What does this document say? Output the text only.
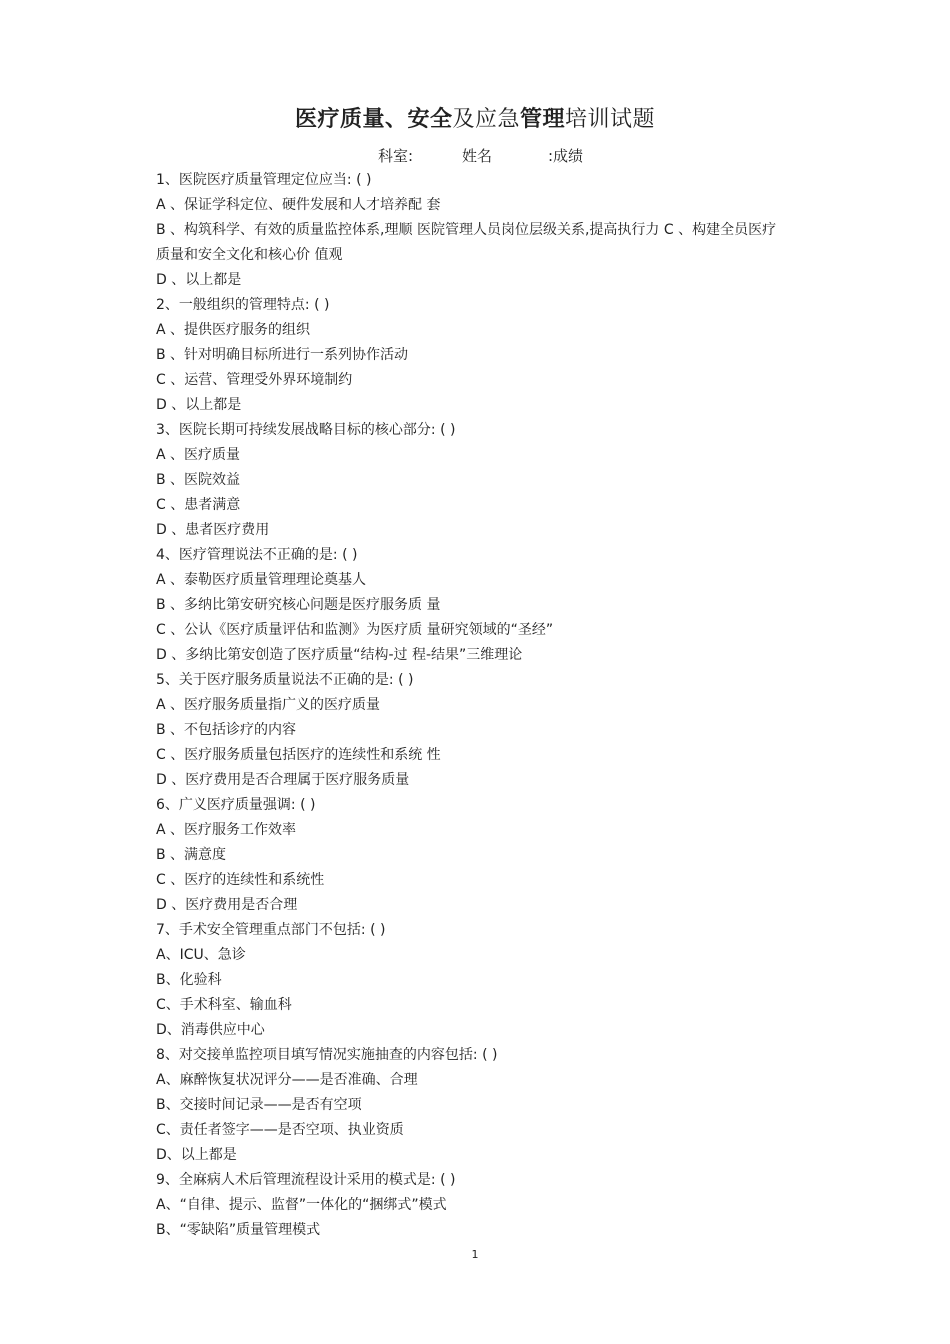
医疗质量、安全及应急管理培训试题
科室:	姓名	:成绩
1、医院医疗质量管理定位应当: ( )
A 、保证学科定位、硬件发展和人才培养配 套
B 、构筑科学、有效的质量监控体系,理顺 医院管理人员岗位层级关系,提高执行力 C 、构建全员医疗
质量和安全文化和核心价 值观
D 、以上都是
2、一般组织的管理特点: ( )
A 、提供医疗服务的组织
B 、针对明确目标所进行一系列协作活动
C 、运营、管理受外界环境制约
D 、以上都是
3、医院长期可持续发展战略目标的核心部分: ( )
A 、医疗质量
B 、医院效益
C 、患者满意
D 、患者医疗费用
4、医疗管理说法不正确的是: ( )
A 、泰勒医疗质量管理理论奠基人
B 、多纳比第安研究核心问题是医疗服务质 量
C 、公认《医疗质量评估和监测》为医疗质 量研究领域的“圣经”
D 、多纳比第安创造了医疗质量“结构-过 程-结果”三维理论
5、关于医疗服务质量说法不正确的是: ( )
A 、医疗服务质量指广义的医疗质量
B 、不包括诊疗的内容
C 、医疗服务质量包括医疗的连续性和系统 性
D 、医疗费用是否合理属于医疗服务质量
6、广义医疗质量强调: ( )
A 、医疗服务工作效率
B 、满意度
C 、医疗的连续性和系统性
D 、医疗费用是否合理
7、手术安全管理重点部门不包括: ( )
A、ICU、急诊
B、化验科
C、手术科室、输血科
D、消毒供应中心
8、对交接单监控项目填写情况实施抽查的内容包括: ( )
A、麻醉恢复状况评分——是否准确、合理
B、交接时间记录——是否有空项
C、责任者签字——是否空项、执业资质
D、以上都是
9、全麻病人术后管理流程设计采用的模式是: ( )
A、“自律、提示、监督”一体化的“捆绑式”模式
B、“零缺陷”质量管理模式
1
